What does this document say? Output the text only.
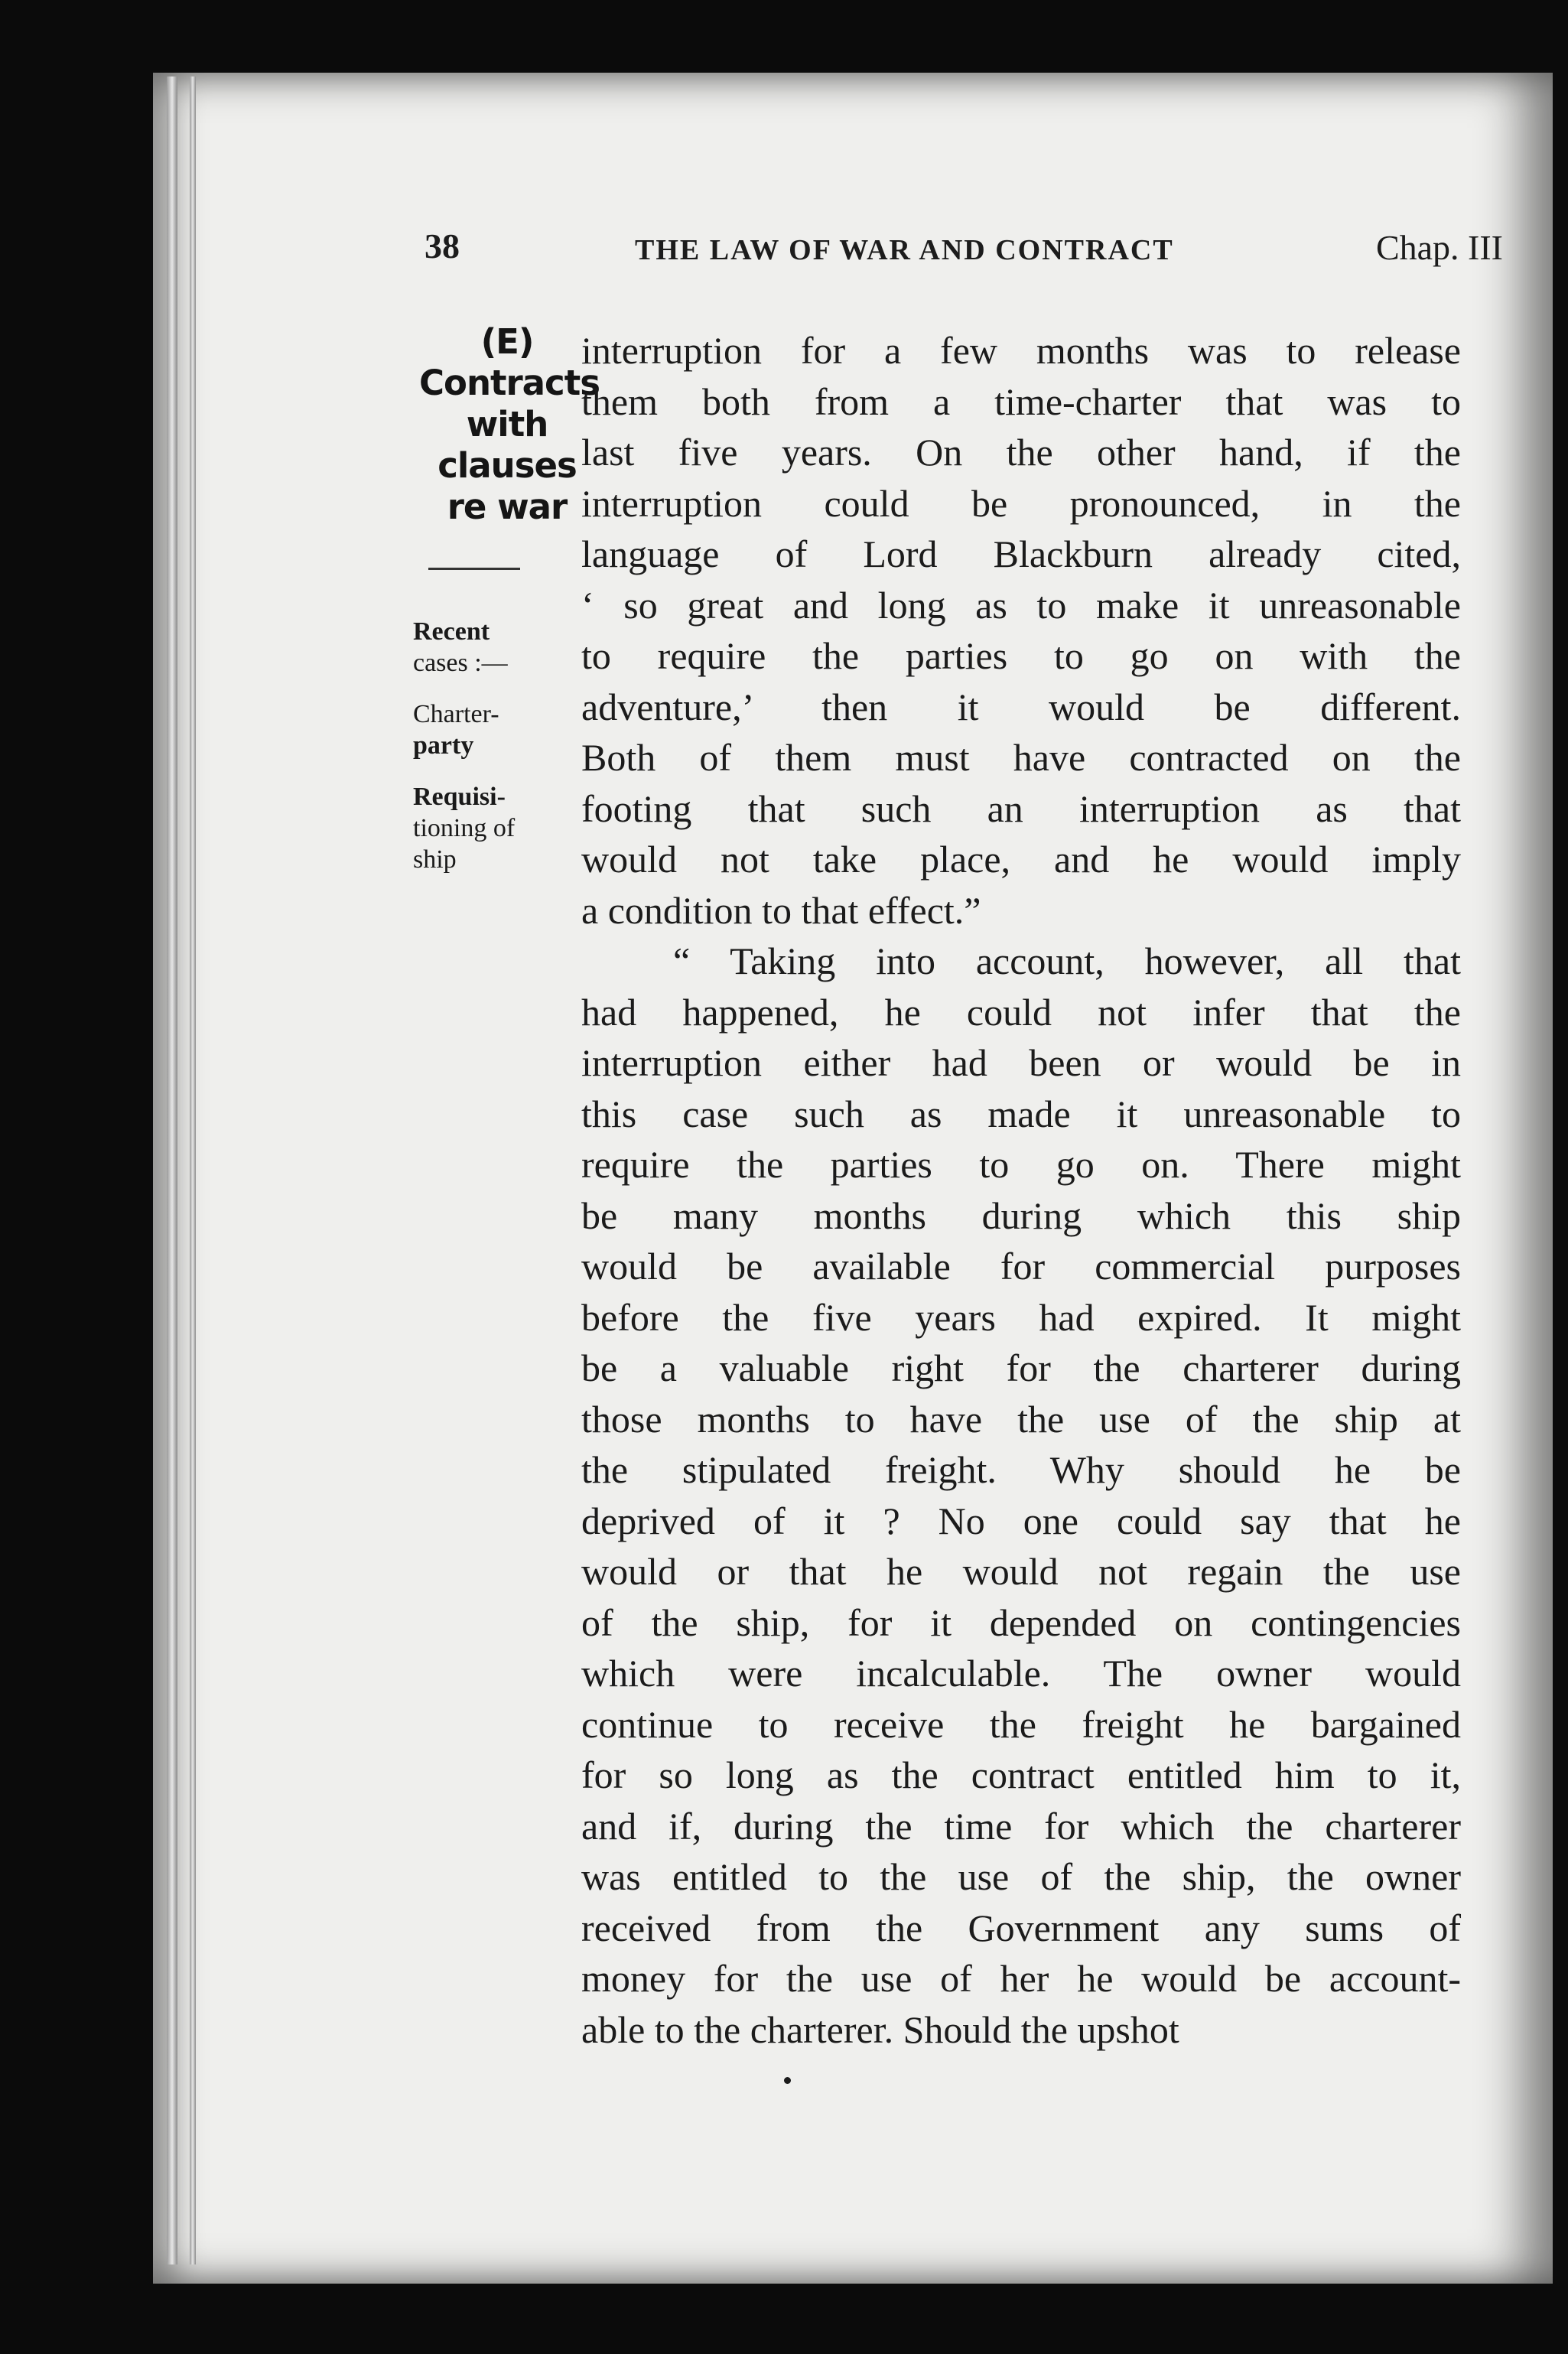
38	THE LAW OF WAR AND CONTRACT	Chap. III
(E)
Contracts
with
clauses
re war
Recent
cases :—
Charter-
party
Requisi-
tioning of
ship
interruption for a few months was to release
them both from a time-charter that was to
last five years. On the other hand, if the
interruption could be pronounced, in the
language of Lord Blackburn already cited,
‘ so great and long as to make it unreasonable
to require the parties to go on with the
adventure,’ then it would be different.
Both of them must have contracted on the
footing that such an interruption as that
would not take place, and he would imply
a condition to that effect.”
“ Taking into account, however, all that
had happened, he could not infer that the
interruption either had been or would be in
this case such as made it unreasonable to
require the parties to go on. There might
be many months during which this ship
would be available for commercial purposes
before the five years had expired. It might
be a valuable right for the charterer during
those months to have the use of the ship at
the stipulated freight. Why should he be
deprived of it ? No one could say that he
would or that he would not regain the use
of the ship, for it depended on contingencies
which were incalculable. The owner would
continue to receive the freight he bargained
for so long as the contract entitled him to it,
and if, during the time for which the charterer
was entitled to the use of the ship, the owner
received from the Government any sums of
money for the use of her he would be account-
able to the charterer. Should the upshot
